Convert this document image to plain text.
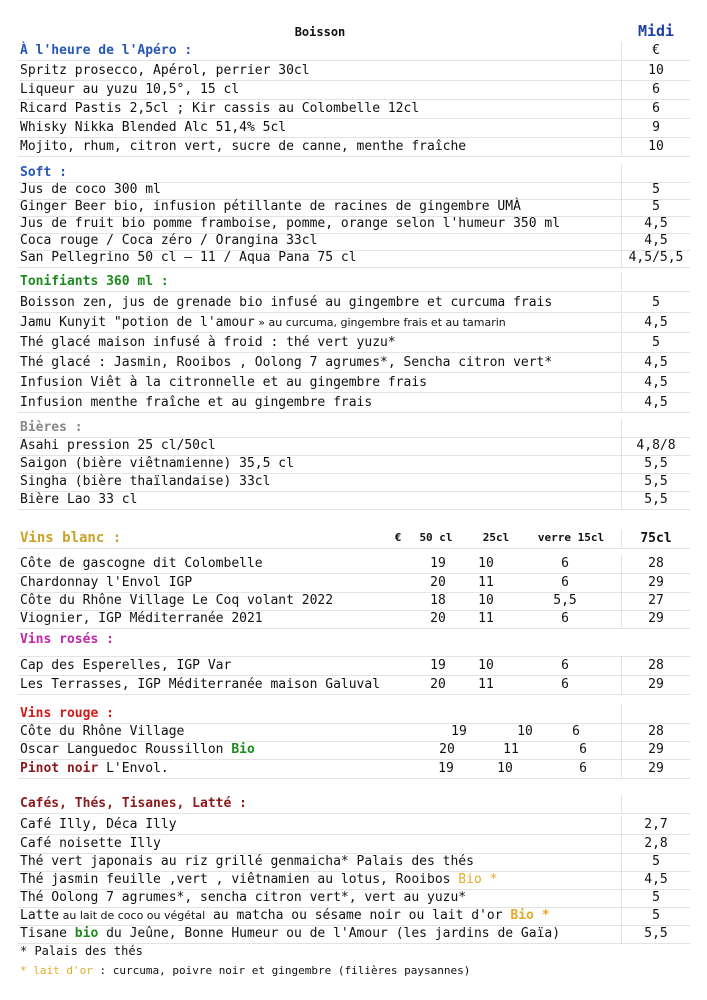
Boisson	Midi
À l'heure de l'Apéro :	€
Spritz prosecco, Apérol, perrier 30cl	10
Liqueur au yuzu 10,5°, 15 cl	6
Ricard Pastis 2,5cl ; Kir cassis au Colombelle 12cl	6
Whisky Nikka Blended Alc 51,4% 5cl	9
Mojito, rhum, citron vert, sucre de canne, menthe fraîche	10
Soft :
Jus de coco 300 ml	5
Ginger Beer bio, infusion pétillante de racines de gingembre UMÀ	5
Jus de fruit bio pomme framboise, pomme, orange selon l'humeur 350 ml	4,5
Coca rouge / Coca zéro / Orangina 33cl	4,5
San Pellegrino 50 cl – 11 / Aqua Pana 75 cl	4,5/5,5
Tonifiants 360 ml :
Boisson zen, jus de grenade bio infusé au gingembre et curcuma frais	5
Jamu Kunyit "potion de l'amour » au curcuma, gingembre frais et au tamarin	4,5
Thé glacé maison infusé à froid : thé vert yuzu*	5
Thé glacé : Jasmin, Rooibos , Oolong 7 agrumes*, Sencha citron vert*	4,5
Infusion Viêt à la citronnelle et au gingembre frais	4,5
Infusion menthe fraîche et au gingembre frais	4,5
Bières :
Asahi pression 25 cl/50cl	4,8/8
Saigon (bière viêtnamienne) 35,5 cl	5,5
Singha (bière thaïlandaise) 33cl	5,5
Bière Lao 33 cl	5,5
Vins blanc :	€	50 cl	25cl	verre 15cl	75cl
Côte de gascogne dit Colombelle	19	10	6	28
Chardonnay l'Envol IGP	20	11	6	29
Côte du Rhône Village Le Coq volant 2022	18	10	5,5	27
Viognier, IGP Méditerranée 2021	20	11	6	29
Vins rosés :
Cap des Esperelles, IGP Var	19	10	6	28
Les Terrasses, IGP Méditerranée maison Galuval	20	11	6	29
Vins rouge :
Côte du Rhône Village	19	10	6	28
Oscar Languedoc Roussillon Bio	20	11	6	29
Pinot noir L'Envol.	19	10	6	29
Cafés, Thés, Tisanes, Latté :
Café Illy, Déca Illy	2,7
Café noisette Illy	2,8
Thé vert japonais au riz grillé genmaicha* Palais des thés	5
Thé jasmin feuille ,vert , viêtnamien au lotus, Rooibos Bio *	4,5
Thé Oolong 7 agrumes*, sencha citron vert*, vert au yuzu*	5
Latte au lait de coco ou végétal au matcha ou sésame noir ou lait d'or Bio *	5
Tisane bio du Jeûne, Bonne Humeur ou de l'Amour (les jardins de Gaïa)	5,5
* Palais des thés
* lait d'or : curcuma, poivre noir et gingembre (filières paysannes)
